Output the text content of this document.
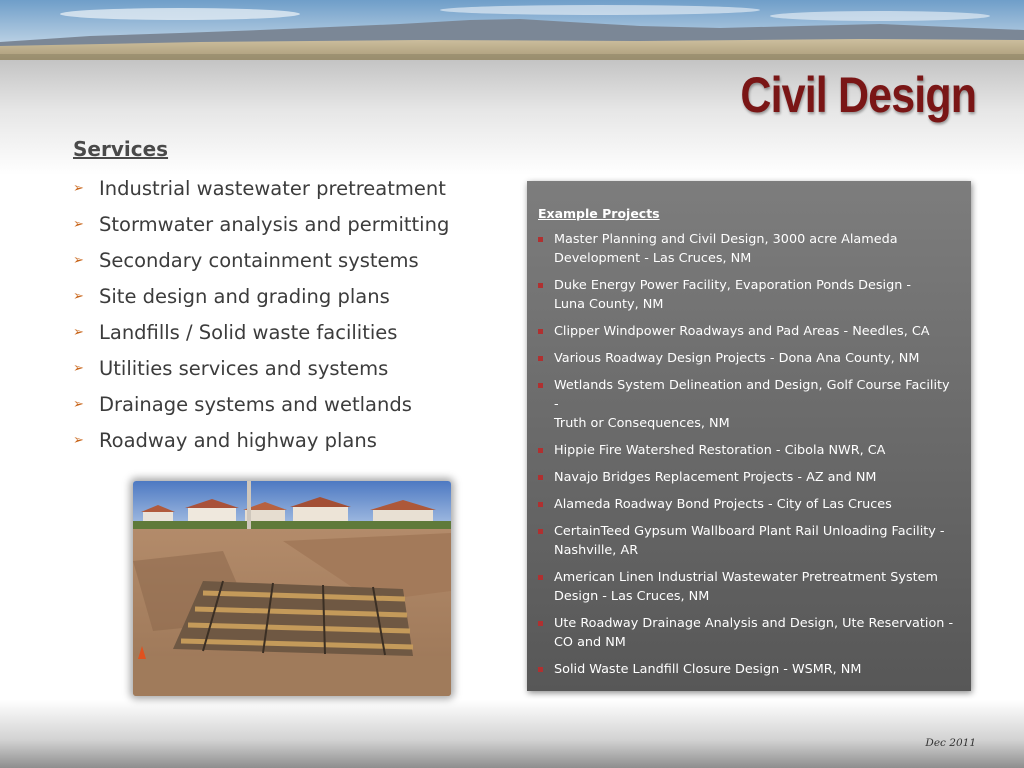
Civil Design
Services
➢ Industrial wastewater pretreatment
➢ Stormwater analysis and permitting
➢ Secondary containment systems
➢ Site design and grading plans
➢ Landfills / Solid waste facilities
➢ Utilities services and systems
➢ Drainage systems and wetlands
➢ Roadway and highway plans
Example Projects
Master Planning and Civil Design, 3000 acre Alameda
Development - Las Cruces, NM
Duke Energy Power Facility, Evaporation Ponds Design -
Luna County, NM
Clipper Windpower Roadways and Pad Areas - Needles, CA
Various Roadway Design Projects - Dona Ana County, NM
Wetlands System Delineation and Design, Golf Course Facility -
Truth or Consequences, NM
Hippie Fire Watershed Restoration - Cibola NWR, CA
Navajo Bridges Replacement Projects - AZ and NM
Alameda Roadway Bond Projects - City of Las Cruces
CertainTeed Gypsum Wallboard Plant Rail Unloading Facility -
Nashville, AR
American Linen Industrial Wastewater Pretreatment System
Design - Las Cruces, NM
Ute Roadway Drainage Analysis and Design, Ute Reservation -
CO and NM
Solid Waste Landfill Closure Design - WSMR, NM
Dec 2011
